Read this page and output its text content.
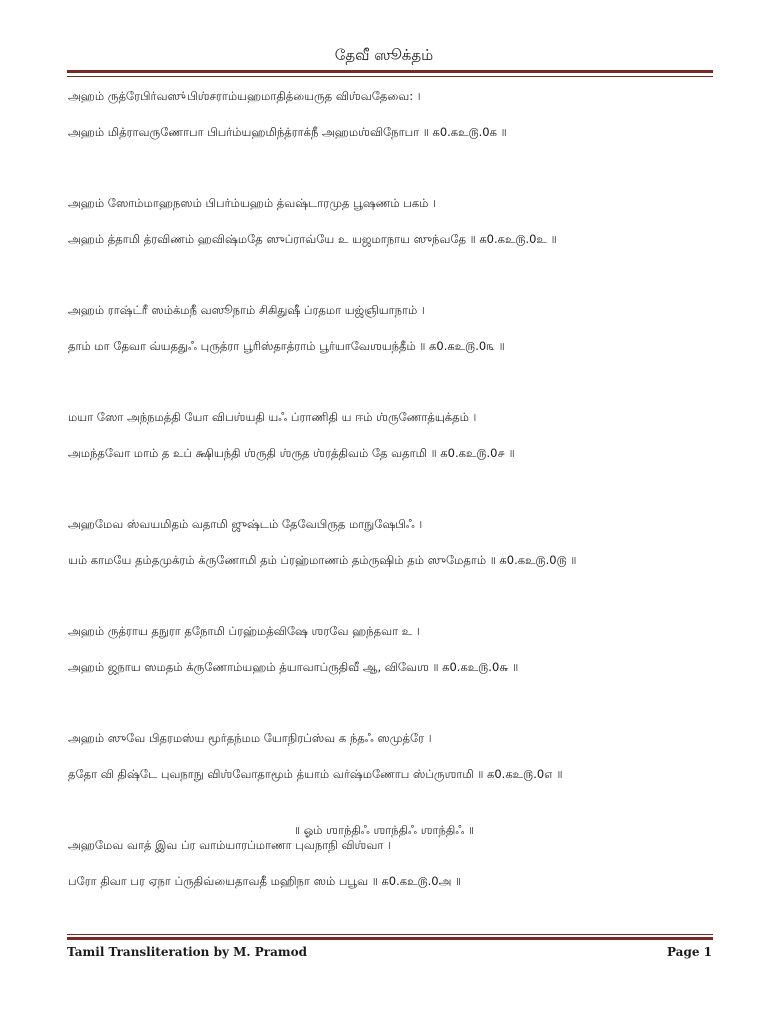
தேவீ ஸூக்தம்
அஹம் ருத்ரேபிர்வஸு்பிஶ்சராம்யஹமாதித்யைருத விஶ்வதேவை꞉ ।
அஹம் மித்ராவருணோபா பிபர்ம்யஹமிந்த்ராக்நீ அஹமஶ்விநோபா ॥ க0.கஉ௫.0க ॥
அஹம் ஸோம்மாஹநஸம் பிபர்ம்யஹம் த்வஷ்டாரமுத பூஷணம் பகம் ।
அஹம் த்தாமி த்ரவிணம் ஹவிஷ்மதே ஸுப்ராவ்யே உ யஜமாநாய ஸுந்வதே ॥ க0.கஉ௫.0உ ॥
அஹம் ராஷ்ட்ரீ ஸம்க்மநீ வஸூநாம் சிகிதுஷீ ப்ரதமா யஜ்ஞியாநாம் ।
தாம் மா தேவா வ்யததுஃ புருத்ரா பூரிஸ்தாத்ராம் பூர்யாவேஶயந்தீம் ॥ க0.கஉ௫.0௩ ॥
மயா ஸோ அந்நமத்தி யோ விபஶ்யதி யஃ ப்ராணிதி ய ஈம் ஶ்ருணோத்யுக்தம் ।
அமந்தவோ மாம் த உப் க்ஷியந்தி ஶ்ருதி ஶ்ருத ஶ்ரத்திவம் தே வதாமி ॥ க0.கஉ௫.0௪ ॥
அஹமேவ ஸ்வயமிதம் வதாமி ஜுஷ்டம் தேவேபிருத மாநுஷேபிஃ ।
யம் காமயே தம்தமுக்ரம் க்ருணோமி தம் ப்ரஹ்மாணம் தம்ருஷிம் தம் ஸுமேதாம் ॥ க0.கஉ௫.0௫ ॥
அஹம் ருத்ராய தநுரா தநோமி ப்ரஹ்மத்விஷே ஶரவே ஹந்தவா உ ।
அஹம் ஜநாய ஸமதம் க்ருணோம்யஹம் த்யாவாப்ருதிவீ ஆ, விவேஶ ॥ க0.கஉ௫.0௬ ॥
அஹம் ஸுவே பிதரமஸ்ய மூர்தந்மம யோநிரப்ஸ்வ க ந்தஃ ஸமுத்ரே ।
ததோ வி திஷ்டே புவநாநு விஶ்வோதாமூம் த்யாம் வர்ஷ்மணோப ஸ்ப்ருஶாமி ॥ க0.கஉ௫.0௭ ॥
அஹமேவ வாத் இவ ப்ர வாம்யாரப்மாணா புவநாநி விஶ்வா ।
பரோ திவா பர ஏநா ப்ருதிவ்யைதாவதீ மஹிநா ஸம் பபூவ ॥ க0.கஉ௫.0அ ॥
॥ ஓம் ஶாந்திஃ ஶாந்திஃ ஶாந்திஃ ॥
Tamil Transliteration by M. Pramod	Page 1
